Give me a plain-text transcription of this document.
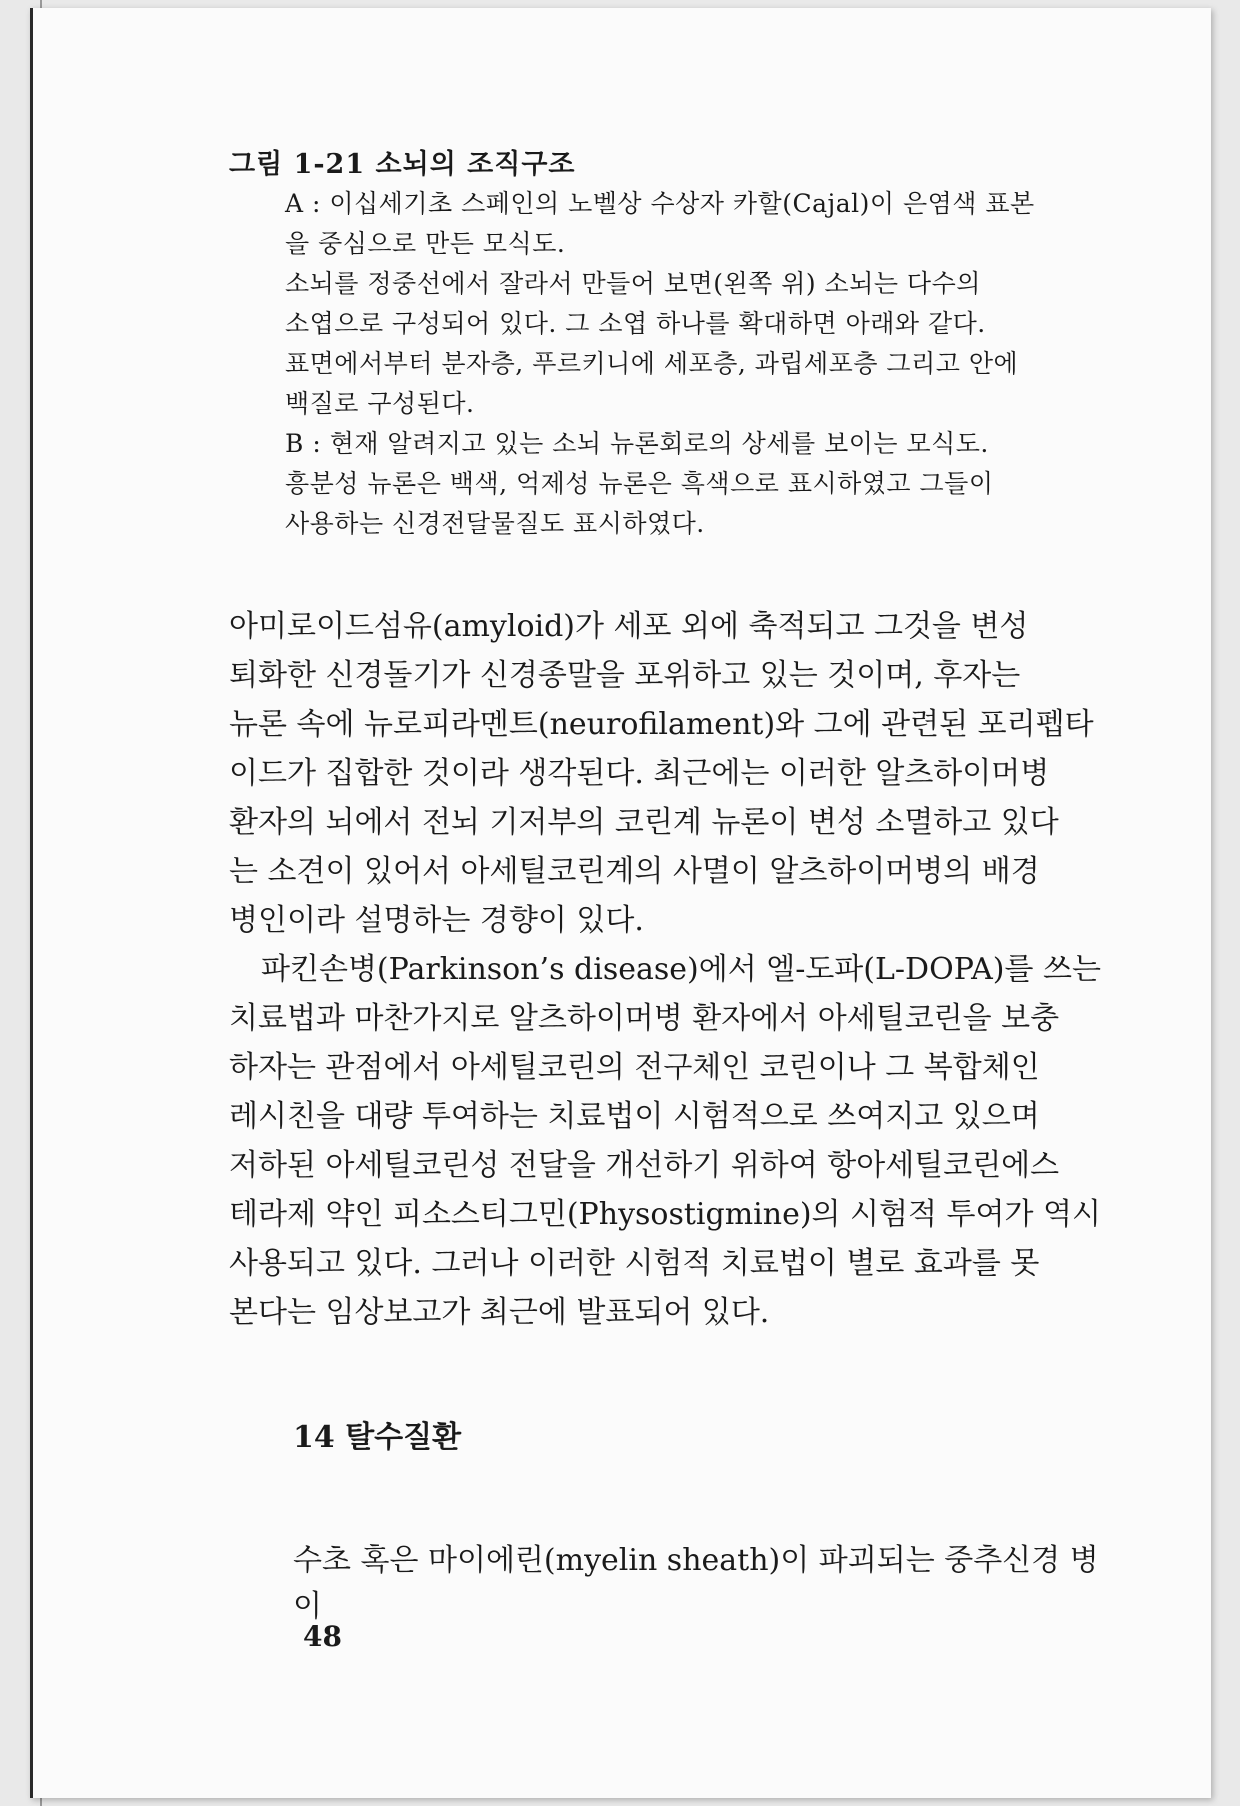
그림 1-21 소뇌의 조직구조

A : 이십세기초 스페인의 노벨상 수상자 카할(Cajal)이 은염색 표본

을 중심으로 만든 모식도.

소뇌를 정중선에서 잘라서 만들어 보면(왼쪽 위) 소뇌는 다수의

소엽으로 구성되어 있다. 그 소엽 하나를 확대하면 아래와 같다.

표면에서부터 분자층, 푸르키니에 세포층, 과립세포층 그리고 안에

백질로 구성된다.

B : 현재 알려지고 있는 소뇌 뉴론회로의 상세를 보이는 모식도.

흥분성 뉴론은 백색, 억제성 뉴론은 흑색으로 표시하였고 그들이

사용하는 신경전달물질도 표시하였다.

아미로이드섬유(amyloid)가 세포 외에 축적되고 그것을 변성

퇴화한 신경돌기가 신경종말을 포위하고 있는 것이며, 후자는

뉴론 속에 뉴로피라멘트(neurofilament)와 그에 관련된 포리펩타

이드가 집합한 것이라 생각된다. 최근에는 이러한 알츠하이머병

환자의 뇌에서 전뇌 기저부의 코린계 뉴론이 변성 소멸하고 있다

는 소견이 있어서 아세틸코린계의 사멸이 알츠하이머병의 배경

병인이라 설명하는 경향이 있다.

파킨손병(Parkinson’s disease)에서 엘-도파(L-DOPA)를 쓰는

치료법과 마찬가지로 알츠하이머병 환자에서 아세틸코린을 보충

하자는 관점에서 아세틸코린의 전구체인 코린이나 그 복합체인

레시친을 대량 투여하는 치료법이 시험적으로 쓰여지고 있으며

저하된 아세틸코린성 전달을 개선하기 위하여 항아세틸코린에스

테라제 약인 피소스티그민(Physostigmine)의 시험적 투여가 역시

사용되고 있다. 그러나 이러한 시험적 치료법이 별로 효과를 못

본다는 임상보고가 최근에 발표되어 있다.

14 탈수질환

수초 혹은 마이에린(myelin sheath)이 파괴되는 중추신경 병이

48
